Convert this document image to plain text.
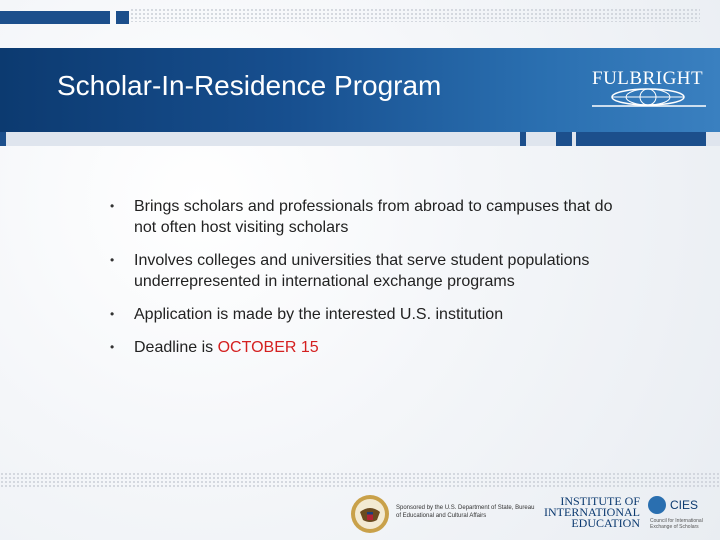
Scholar-In-Residence Program	FULBRIGHT
• Brings scholars and professionals from abroad to campuses that do not often host visiting scholars
• Involves colleges and universities that serve student populations underrepresented in international exchange programs
• Application is made by the interested U.S. institution
• Deadline is OCTOBER 15
Sponsored by the U.S. Department of State, Bureau of Educational and Cultural Affairs
INSTITUTE OF
INTERNATIONAL
EDUCATION
CIES
Council for International Exchange of Scholars
